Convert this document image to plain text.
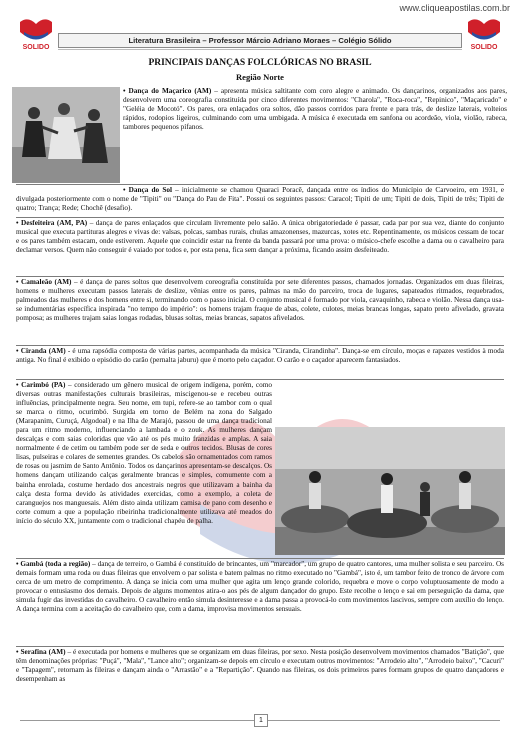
www.cliqueapostilas.com.br
SOLIDO
Literatura Brasileira – Professor Márcio Adriano Moraes – Colégio Sólido
SOLIDO
PRINCIPAIS DANÇAS FOLCLÓRICAS NO BRASIL
Região Norte
• Dança do Maçarico (AM) – apresenta música saltitante com coro alegre e animado. Os dançarinos, organizados aos pares, desenvolvem uma coreografia constituída por cinco diferentes movimentos: "Charola", "Roca-roca", "Repinico", "Maçaricado" e "Geléia de Mocotó". Os pares, ora enlaçados ora soltos, dão passos corridos para frente e para trás, de deslize laterais, volteios rápidos, rodopios ligeiros, culminando com uma umbigada. A música é executada em sanfona ou acordeão, viola, violão, rabeca, tambores pequenos pífanos.
• Dança do Sol – inicialmente se chamou Quaraci Poracê, dançada entre os índios do Município de Carvoeiro, em 1931, e divulgada posteriormente com o nome de "Tipiti" ou "Dança do Pau de Fita". Possui os seguintes passos: Caracol; Tipiti de um; Tipiti de dois, Tipiti de três; Tipiti de quatro; Trança; Rede; Chochê (desafio).
• Desfeiteira (AM, PA) – dança de pares enlaçados que circulam livremente pelo salão. A única obrigatoriedade é passar, cada par por sua vez, diante do conjunto musical que executa partituras alegres e vivas de: valsas, polcas, sambas rurais, chulas amazonenses, mazurcas, xotes etc. Repentinamente, os músicos cessam de tocar e os pares também estacam, onde estiverem. Aquele que coincidir estar na frente da banda passará por uma prova: o músico-chefe escolhe a dama ou o cavalheiro para declamar versos. Quem não conseguir é vaiado por todos e, por esta pena, fica sem dançar a próxima, ficando assim desfeiteado.
• Camaleão (AM) – é dança de pares soltos que desenvolvem coreografia constituída por sete diferentes passos, chamados jornadas. Organizados em duas fileiras, homens e mulheres executam passos laterais de deslize, vênias entre os pares, palmas na mão do parceiro, troca de lugares, sapateados ritmados, requebrados, palmeados das mulheres e dos homens entre si, terminando com o passo inicial. O conjunto musical é formado por viola, cavaquinho, rabeca e violão. Nessa dança usa-se indumentárias específica inspirada "no tempo do império": os homens trajam fraque de abas, colete, culotes, meias brancas longas, sapato preto afivelado, gravata pomposa; as mulheres trajam saias longas rodadas, blusas soltas, meias brancas, sapatos afivelados.
• Ciranda (AM) - é uma rapsódia composta de várias partes, acompanhada da música "Ciranda, Cirandinha". Dança-se em círculo, moças e rapazes vestidos à moda antiga. No final é exibido o episódio do carão (pernalta jaburu) que é morto pelo caçador. O carão e o caçador aparecem fantasiados.
• Carimbó (PA) – considerado um gênero musical de origem indígena, porém, como diversas outras manifestações culturais brasileiras, miscigenou-se e recebeu outras influências, principalmente negra. Seu nome, em tupi, refere-se ao tambor com o qual se marca o ritmo, ocurimbó. Surgida em torno de Belém na zona do Salgado (Marapanim, Curuçá, Algodoal) e na Ilha de Marajó, passou de uma dança tradicional para um ritmo moderno, influenciando a lambada e o zouk. As mulheres dançam descalças e com saias coloridas que vão até os pés muito franzidas e amplas. A saia normalmente é de cetim ou também pode ser de seda e outros tecidos. Blusas de cores lisas, pulseiras e colares de sementes grandes. Os cabelos são ornamentados com ramos de rosas ou jasmim de Santo Antônio. Todos os dançarinos apresentam-se descalços. Os homens dançam utilizando calças geralmente brancas e simples, comumente com a bainha enrolada, costume herdado dos ancestrais negros que utilizavam a bainha da calça desta forma devido às atividades exercidas, como a exemplo, a coleta de caranguejos nos manguesais. Além disto ainda utilizam camisa de pano com desenho e corte comum a que a população ribeirinha tradicionalmente utilizava até meados do início do século XX, juntamente com o tradicional chapéu de palha.
• Gambá (toda a região) – dança de terreiro, o Gambá é constituído de brincantes, um "marcador", um grupo de quatro cantores, uma mulher solista e seu parceiro. Os demais formam uma roda ou duas fileiras que envolvem o par solista e batem palmas no ritmo executado no "Gambá", isto é, um tambor feito de tronco de árvore com cerca de um metro de comprimento. A dança se inicia com uma mulher que agita um lenço grande colorido, requebra e move o corpo voluptuosamente de modo a provocar o entusiasmo dos demais. Depois de alguns momentos atira-o aos pés de algum dançador do grupo. Este recolhe o lenço e sai em perseguição da dama, que simula fugir das investidas do cavalheiro. O cavalheiro então simula desinteresse e a dama passa a provocá-lo com movimentos lascivos, sempre com auxílio do lenço. A dança termina com a aceitação do cavalheiro que, com a dama, improvisa movimentos sensuais.
• Serafina (AM) – é executada por homens e mulheres que se organizam em duas fileiras, por sexo. Nesta posição desenvolvem movimentos chamados "Batição", que têm denominações próprias: "Puçá", "Mala", "Lance alto"; organizam-se depois em círculo e executam outros movimentos: "Arrodeio alto", "Arrodeio baixo", "Cacuri" e "Tapagem", retornam às fileiras e dançam ainda o "Arrastão" e a "Repartição". Quando nas fileiras, os dois primeiros pares formam grupos de quatro dançadores e desempenham as
1
